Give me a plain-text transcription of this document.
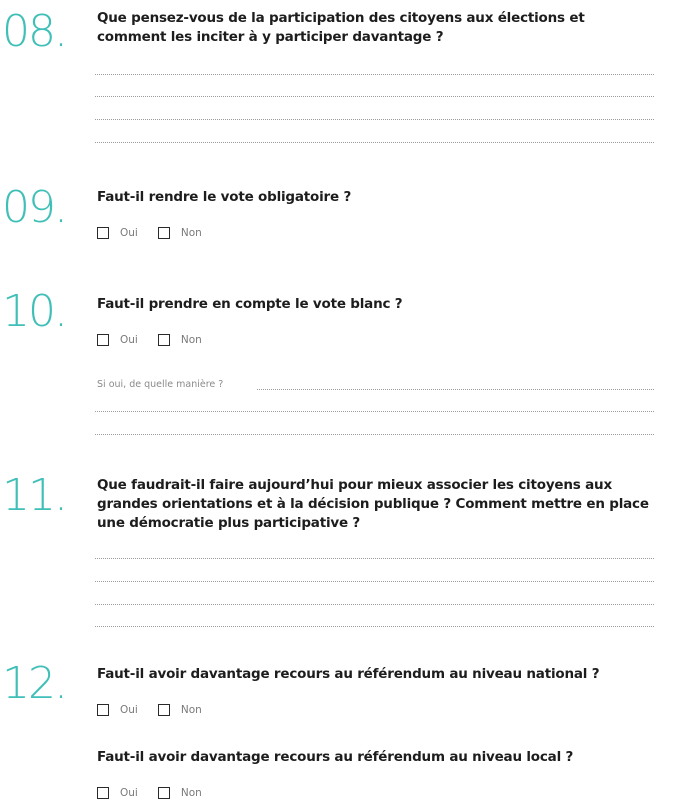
08. Que pensez-vous de la participation des citoyens aux élections et comment les inciter à y participer davantage ?
09. Faut-il rendre le vote obligatoire ?
Oui	Non
10. Faut-il prendre en compte le vote blanc ?
Oui	Non
Si oui, de quelle manière ?
11. Que faudrait-il faire aujourd’hui pour mieux associer les citoyens aux grandes orientations et à la décision publique ? Comment mettre en place une démocratie plus participative ?
12. Faut-il avoir davantage recours au référendum au niveau national ?
Oui	Non
Faut-il avoir davantage recours au référendum au niveau local ?
Oui	Non
